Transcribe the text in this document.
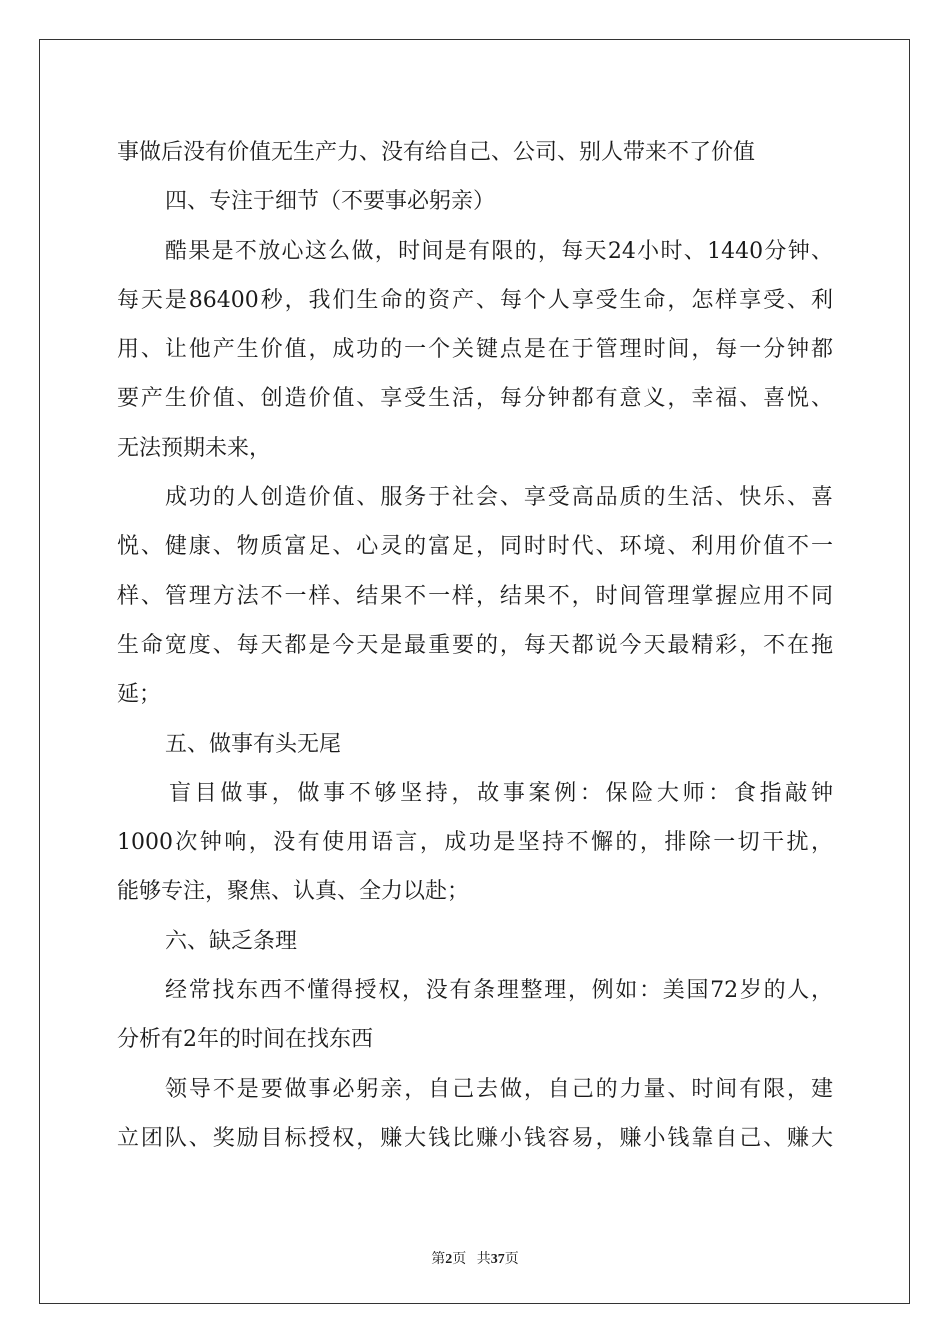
事做后没有价值无生产力、没有给自己、公司、别人带来不了价值
四、专注于细节（不要事必躬亲）
酷果是不放心这么做，时间是有限的，每天24小时、1440分钟、
每天是86400秒，我们生命的资产、每个人享受生命，怎样享受、利
用、让他产生价值，成功的一个关键点是在于管理时间，每一分钟都
要产生价值、创造价值、享受生活，每分钟都有意义，幸福、喜悦、
无法预期未来，
成功的人创造价值、服务于社会、享受高品质的生活、快乐、喜
悦、健康、物质富足、心灵的富足，同时时代、环境、利用价值不一
样、管理方法不一样、结果不一样，结果不，时间管理掌握应用不同
生命宽度、每天都是今天是最重要的，每天都说今天最精彩，不在拖
延；
五、做事有头无尾
盲目做事，做事不够坚持，故事案例：保险大师：食指敲钟
1000次钟响，没有使用语言，成功是坚持不懈的，排除一切干扰，
能够专注，聚焦、认真、全力以赴；
六、缺乏条理
经常找东西不懂得授权，没有条理整理，例如：美国72岁的人，
分析有2年的时间在找东西
领导不是要做事必躬亲，自己去做，自己的力量、时间有限，建
立团队、奖励目标授权，赚大钱比赚小钱容易，赚小钱靠自己、赚大
第2页 共37页
